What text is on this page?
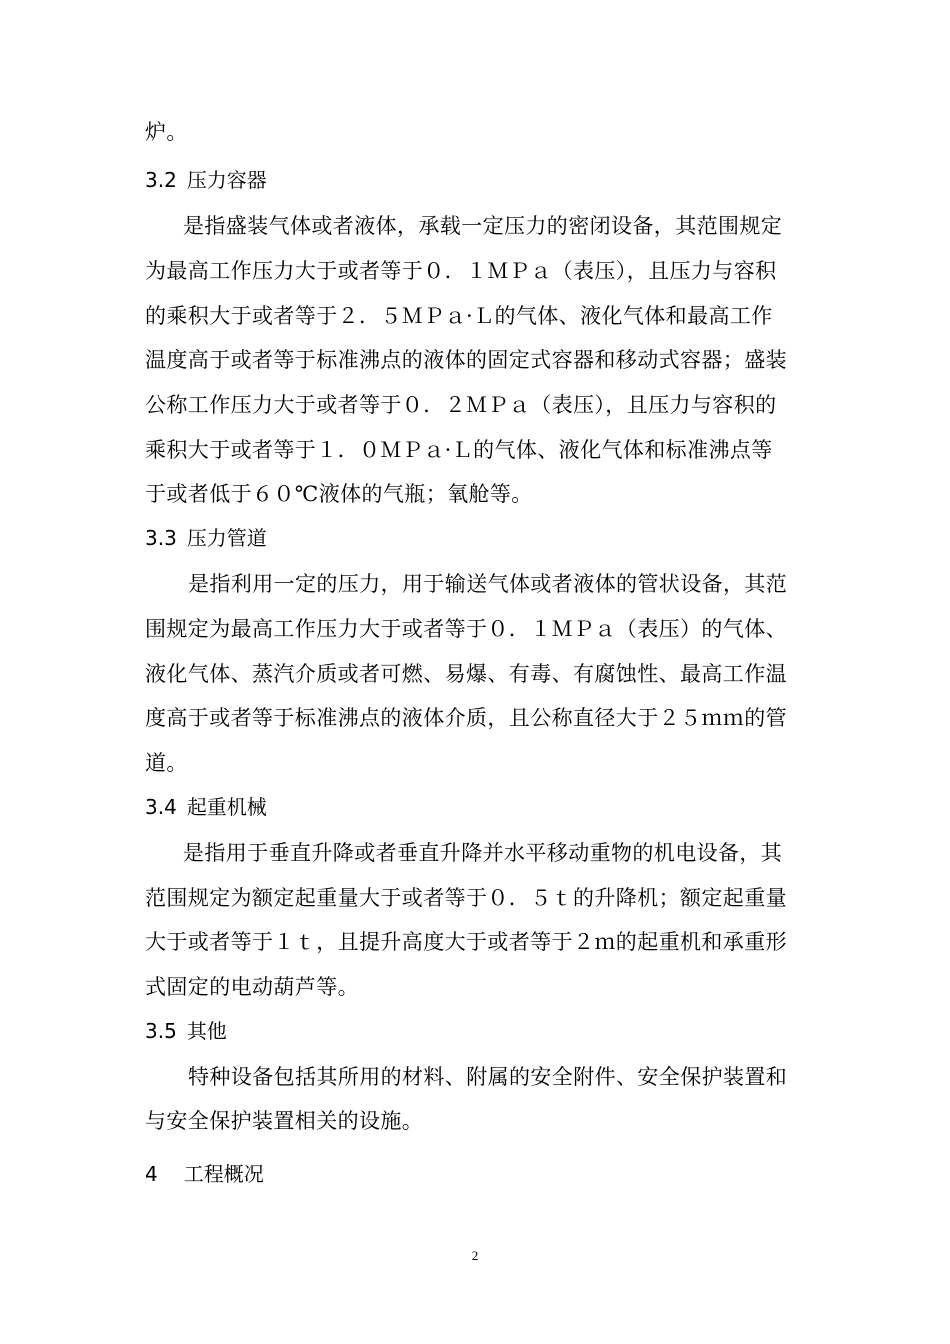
炉。
3.2 压力容器
是指盛装气体或者液体，承载一定压力的密闭设备，其范围规定
为最高工作压力大于或者等于０．１ＭＰａ（表压），且压力与容积
的乘积大于或者等于２．５ＭＰａ·Ｌ的气体、液化气体和最高工作
温度高于或者等于标准沸点的液体的固定式容器和移动式容器；盛装
公称工作压力大于或者等于０．２ＭＰａ（表压），且压力与容积的
乘积大于或者等于１．０ＭＰａ·Ｌ的气体、液化气体和标准沸点等
于或者低于６０℃液体的气瓶；氧舱等。
3.3 压力管道
是指利用一定的压力，用于输送气体或者液体的管状设备，其范
围规定为最高工作压力大于或者等于０．１ＭＰａ（表压）的气体、
液化气体、蒸汽介质或者可燃、易爆、有毒、有腐蚀性、最高工作温
度高于或者等于标准沸点的液体介质，且公称直径大于２５ｍｍ的管
道。
3.4 起重机械
是指用于垂直升降或者垂直升降并水平移动重物的机电设备，其
范围规定为额定起重量大于或者等于０．５ｔ的升降机；额定起重量
大于或者等于１ｔ，且提升高度大于或者等于２ｍ的起重机和承重形
式固定的电动葫芦等。
3.5 其他
特种设备包括其所用的材料、附属的安全附件、安全保护装置和
与安全保护装置相关的设施。
4 工程概况
2
